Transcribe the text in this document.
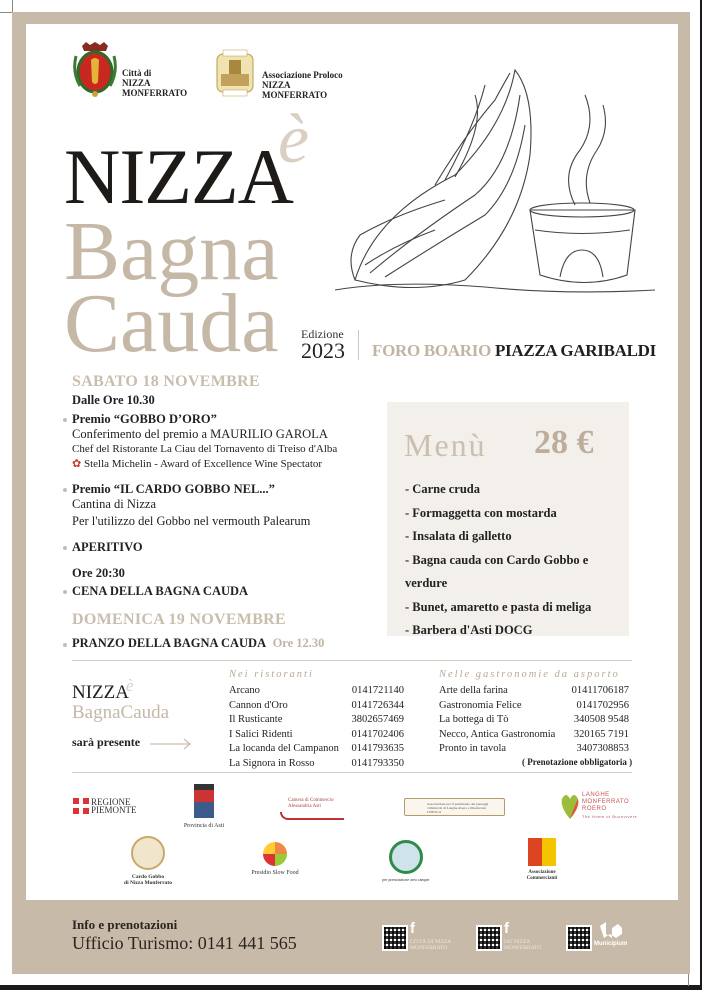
Città di
NIZZA
MONFERRATO
Associazione Proloco
NIZZA
MONFERRATO
NIZZA
è
Bagna
Cauda Edizione
2023 FORO BOARIO PIAZZA GARIBALDI
SABATO 18 NOVEMBRE
Dalle Ore 10.30
Premio “GOBBO D’ORO”
Conferimento del premio a MAURILIO GAROLA
Chef del Ristorante La Ciau del Tornavento di Treiso d'Alba
✿ Stella Michelin - Award of Excellence Wine Spectator
Premio “IL CARDO GOBBO NEL...”
Cantina di Nizza
Per l'utilizzo del Gobbo nel vermouth Palearum
APERITIVO
Ore 20:30
CENA DELLA BAGNA CAUDA
DOMENICA 19 NOVEMBRE
PRANZO DELLA BAGNA CAUDA Ore 12.30
Menù 28 €
- Carne cruda
- Formaggetta con mostarda
- Insalata di galletto
- Bagna cauda con Cardo Gobbo e verdure
- Bunet, amaretto e pasta di meliga
- Barbera d'Asti DOCG
NIZZA
è
BagnaCauda
sarà presente
Nei ristoranti
Arcano	0141721140
Cannon d'Oro	0141726344
Il Rusticante	3802657469
I Salici Ridenti	0141702406
La locanda del Campanon 0141793635
La Signora in Rosso	0141793350
Nelle gastronomie da asporto
Arte della farina	01411706187
Gastronomia Felice	0141702956
La bottega di Tò	340508 9548
Necco, Antica Gastronomia 320165 7191
Pronto in tavola	3407308853
( Prenotazione obbligatoria )
REGIONE
PIEMONTE
Provincia di Asti
Camera di Commercio
Alessandria Asti	Associazione per il patrimonio dei paesaggi vitivinicoli di Langhe-Roero e Monferrato UNESCO
LANGHE
MONFERRATO
ROERO
The Home of Buonvivere
Cardo Gobbo
di Nizza Monferrato
Presidio Slow Food
per prenotazione area camper
Associazione
Commercianti
Info e prenotazioni
Ufficio Turismo: 0141 441 565
f
CITTÀ DI NIZZA
MONFERRATO
f
IAT NIZZA
MONFERRATO
Municipium
